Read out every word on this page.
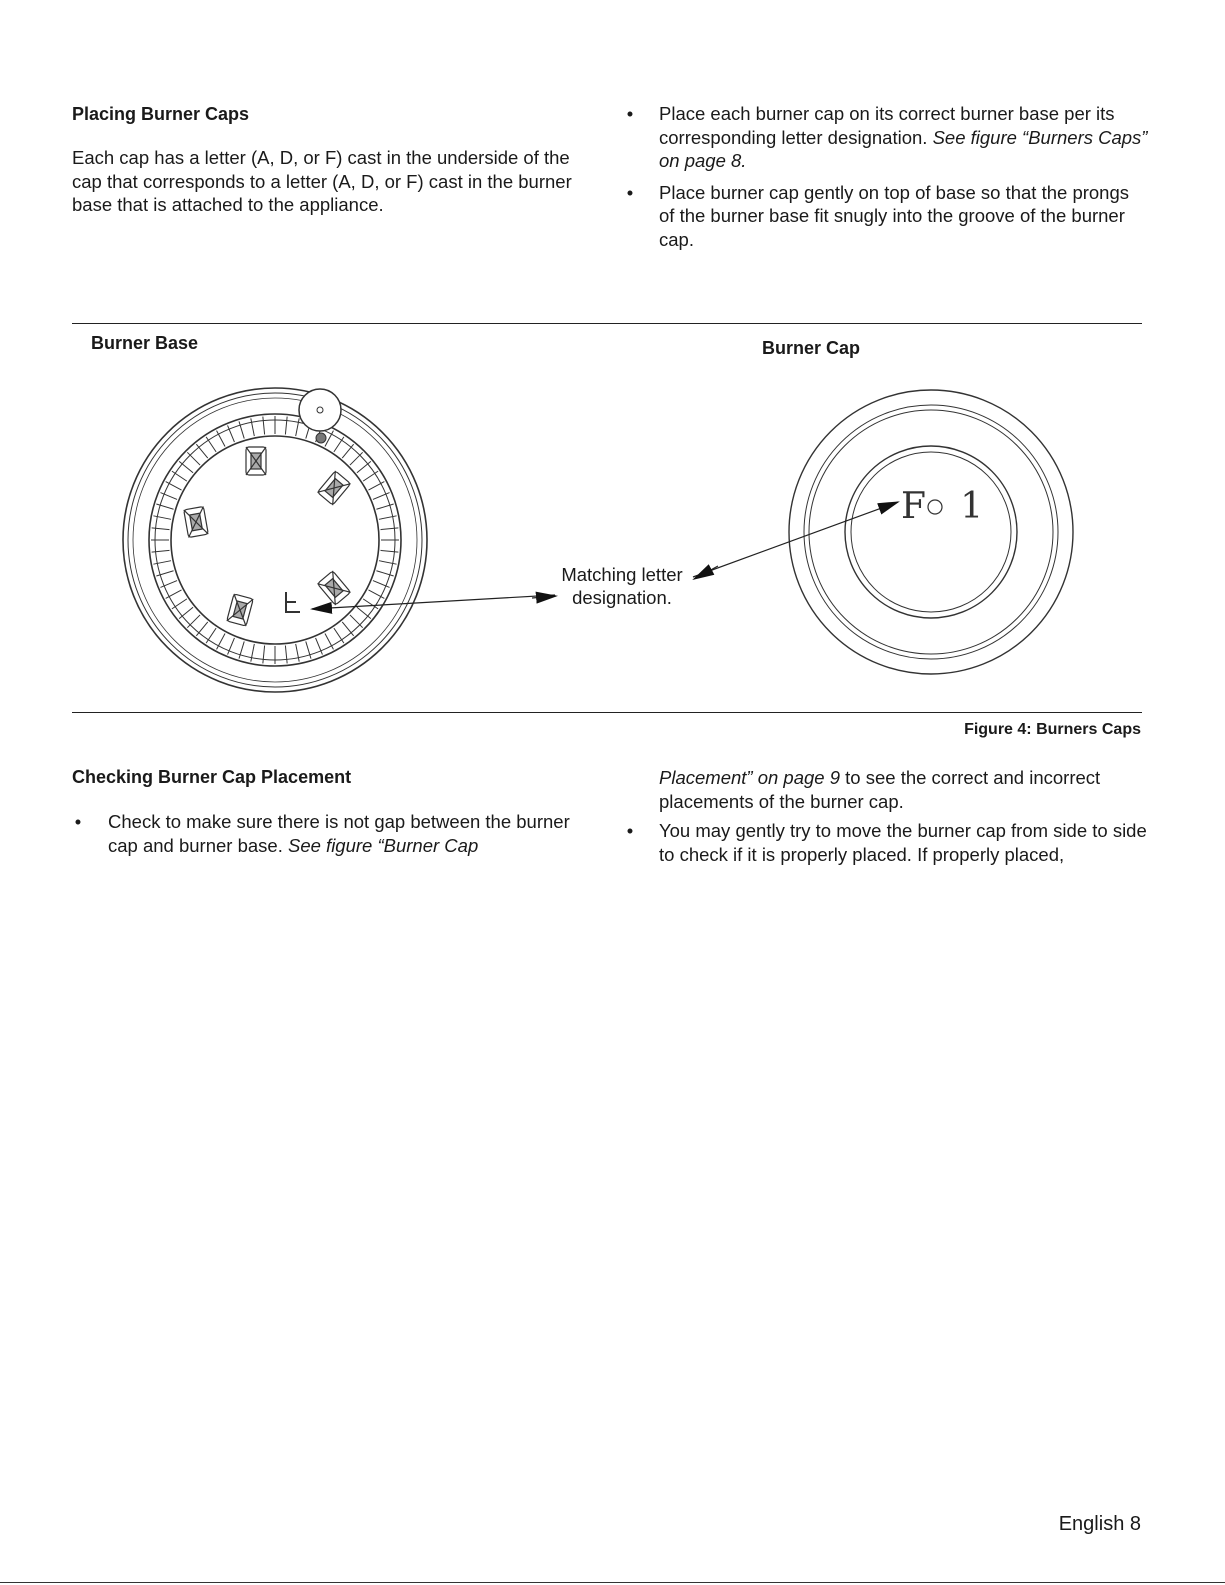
Placing Burner Caps
Each cap has a letter (A, D, or F) cast in the underside of the cap that corresponds to a letter (A, D, or F) cast in the burner base that is attached to the appliance.
• Place each burner cap on its correct burner base per its corresponding letter designation. See figure “Burners Caps” on page 8.
• Place burner cap gently on top of base so that the prongs of the burner base fit snugly into the groove of the burner cap.
Burner Base	Burner Cap
F   1
Matching letter
designation.
Figure 4: Burners Caps
Checking Burner Cap Placement
• Check to make sure there is not gap between the burner cap and burner base. See figure “Burner Cap
Placement” on page 9 to see the correct and incorrect placements of the burner cap.
• You may gently try to move the burner cap from side to side to check if it is properly placed. If properly placed,
English 8
